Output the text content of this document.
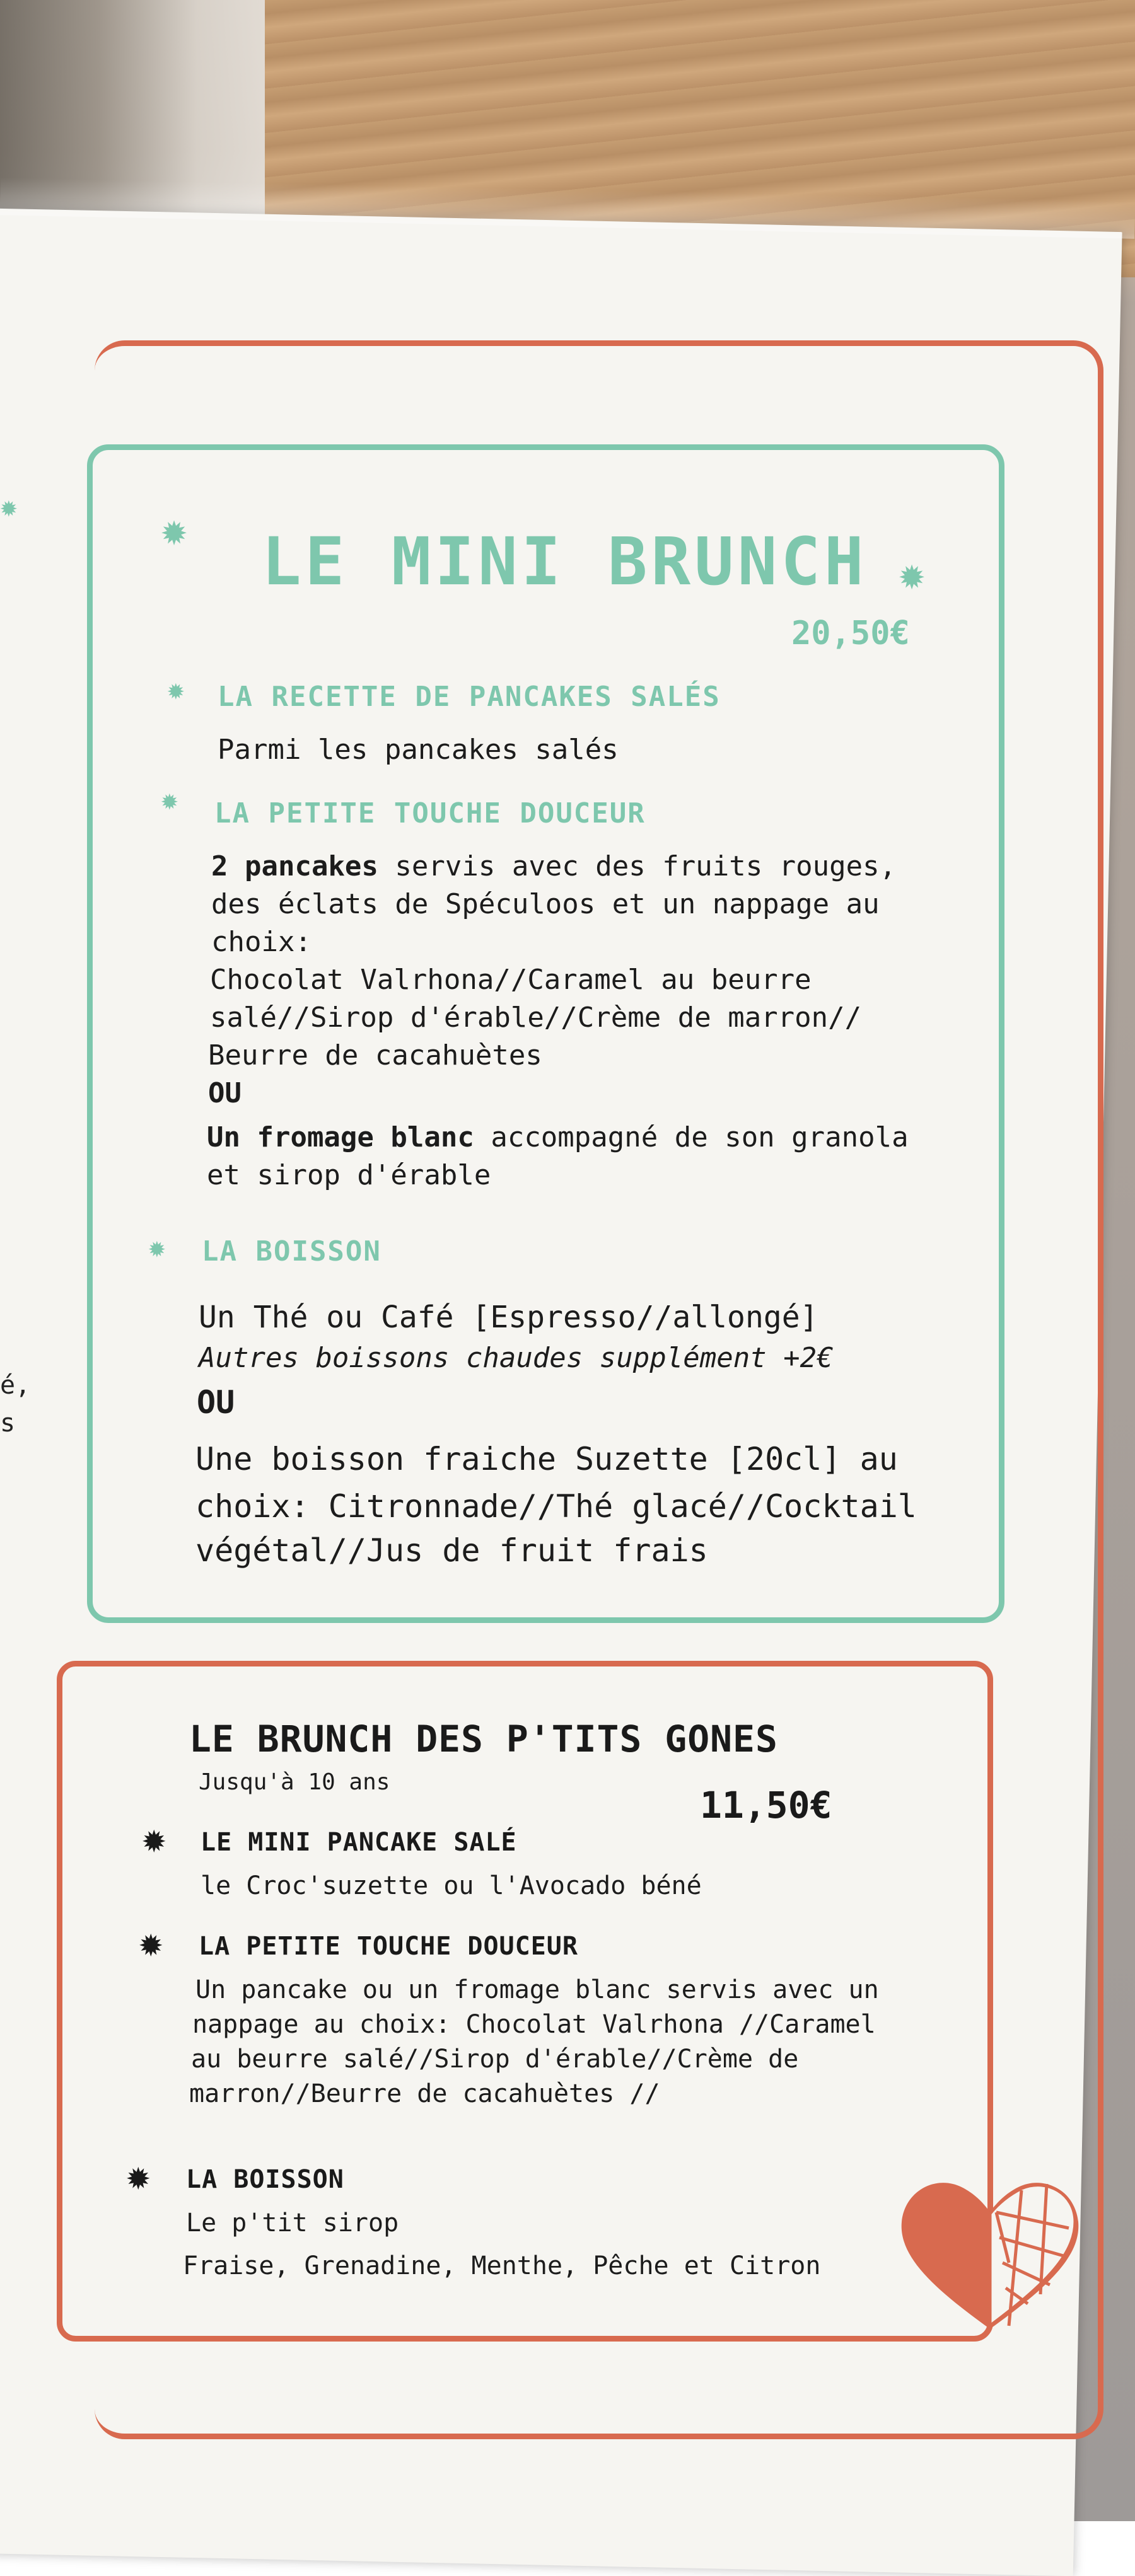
é,
s
✹	✹
✹
LE MINI BRUNCH
20,50€
✹ LA RECETTE DE PANCAKES SALÉS
Parmi les pancakes salés
✹ LA PETITE TOUCHE DOUCEUR
2 pancakes servis avec des fruits rouges,
des éclats de Spéculoos et un nappage au
choix:
Chocolat Valrhona//Caramel au beurre
salé//Sirop d'érable//Crème de marron//
Beurre de cacahuètes
OU
Un fromage blanc accompagné de son granola
et sirop d'érable
✹ LA BOISSON
Un Thé ou Café [Espresso//allongé]
Autres boissons chaudes supplément +2€
OU
Une boisson fraiche Suzette [20cl] au
choix: Citronnade//Thé glacé//Cocktail
végétal//Jus de fruit frais
LE BRUNCH DES P'TITS GONES
Jusqu'à 10 ans
11,50€
✹ LE MINI PANCAKE SALÉ
le Croc'suzette ou l'Avocado béné
✹ LA PETITE TOUCHE DOUCEUR
Un pancake ou un fromage blanc servis avec un
nappage au choix: Chocolat Valrhona //Caramel
au beurre salé//Sirop d'érable//Crème de
marron//Beurre de cacahuètes //
✹ LA BOISSON
Le p'tit sirop
Fraise, Grenadine, Menthe, Pêche et Citron
